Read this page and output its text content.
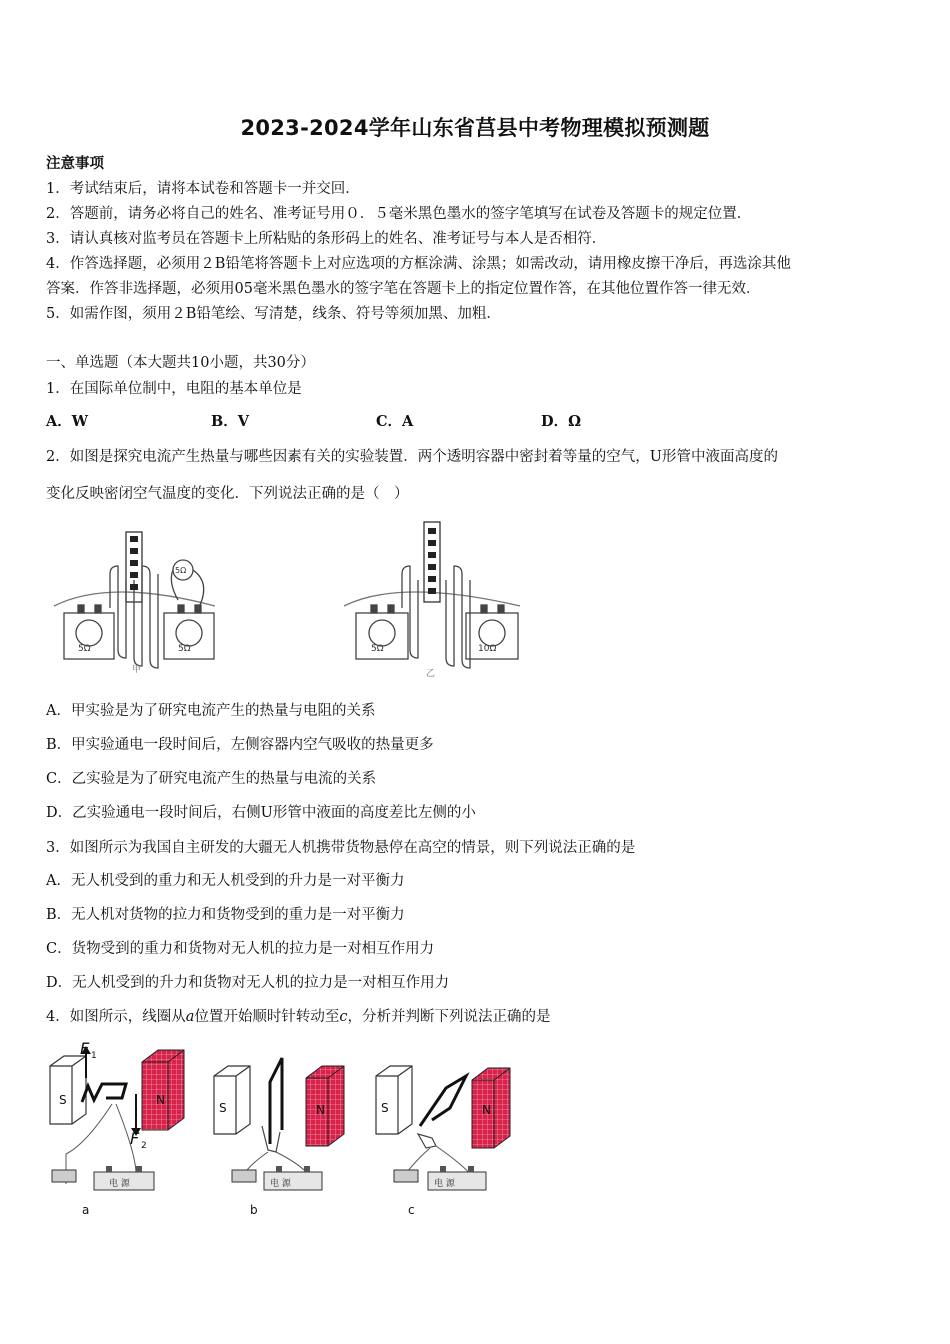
2023-2024学年山东省莒县中考物理模拟预测题
注意事项
1．考试结束后，请将本试卷和答题卡一并交回．
2．答题前，请务必将自己的姓名、准考证号用０．５毫米黑色墨水的签字笔填写在试卷及答题卡的规定位置．
3．请认真核对监考员在答题卡上所粘贴的条形码上的姓名、准考证号与本人是否相符．
4．作答选择题，必须用２B铅笔将答题卡上对应选项的方框涂满、涂黑；如需改动，请用橡皮擦干净后，再选涂其他
答案．作答非选择题，必须用05毫米黑色墨水的签字笔在答题卡上的指定位置作答，在其他位置作答一律无效．
5．如需作图，须用２B铅笔绘、写清楚，线条、符号等须加黑、加粗．
一、单选题（本大题共10小题，共30分）
1．在国际单位制中，电阻的基本单位是
A．W	B．V	C．A	D．Ω
2．如图是探究电流产生热量与哪些因素有关的实验装置．两个透明容器中密封着等量的空气，U形管中液面高度的
变化反映密闭空气温度的变化．下列说法正确的是（　）
5Ω	5Ω
5Ω
甲
5Ω	10Ω
乙
A．甲实验是为了研究电流产生的热量与电阻的关系
B．甲实验通电一段时间后，左侧容器内空气吸收的热量更多
C．乙实验是为了研究电流产生的热量与电流的关系
D．乙实验通电一段时间后，右侧U形管中液面的高度差比左侧的小
3．如图所示为我国自主研发的大疆无人机携带货物悬停在高空的情景，则下列说法正确的是
A．无人机受到的重力和无人机受到的升力是一对平衡力
B．无人机对货物的拉力和货物受到的重力是一对平衡力
C．货物受到的重力和货物对无人机的拉力是一对相互作用力
D．无人机受到的升力和货物对无人机的拉力是一对相互作用力
4．如图所示，线圈从a位置开始顺时针转动至c，分析并判断下列说法正确的是
S	N
F 1
F 2
电 源
a
S	N
电 源
b
S	N
电 源
c
